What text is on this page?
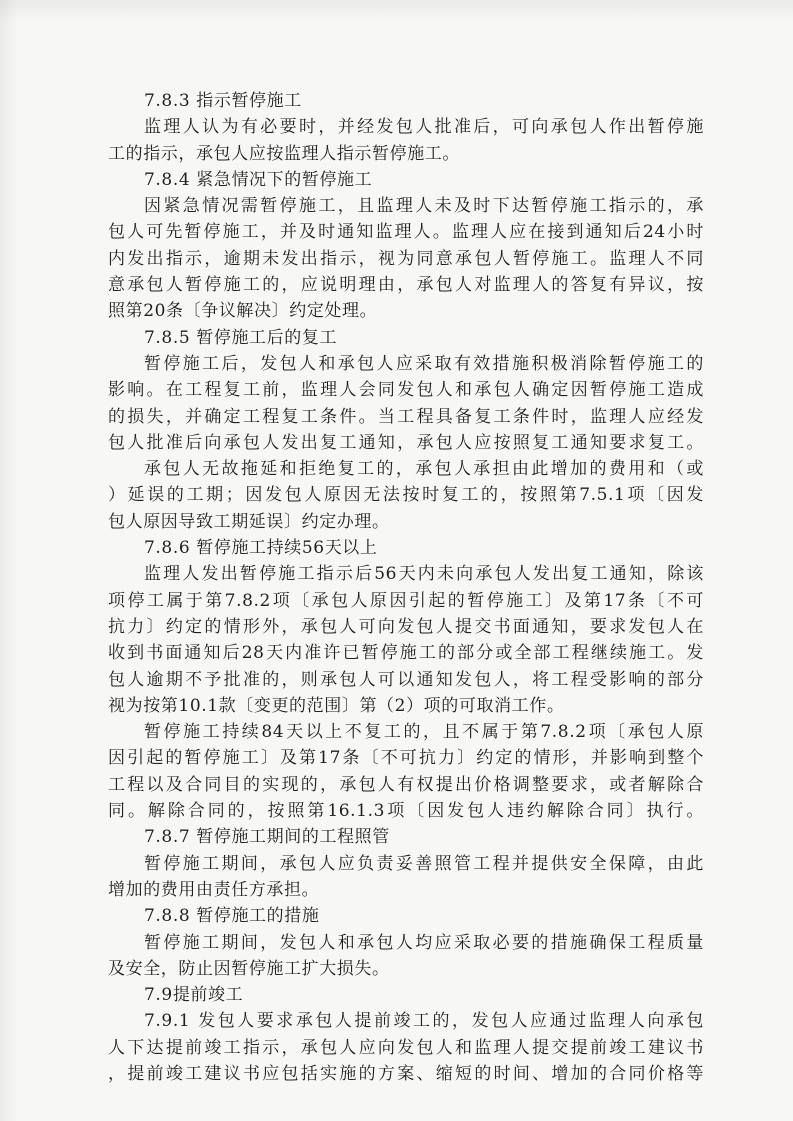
7.8.3 指示暂停施工
监理人认为有必要时，并经发包人批准后，可向承包人作出暂停施
工的指示，承包人应按监理人指示暂停施工。
7.8.4 紧急情况下的暂停施工
因紧急情况需暂停施工，且监理人未及时下达暂停施工指示的，承
包人可先暂停施工，并及时通知监理人。监理人应在接到通知后24小时
内发出指示，逾期未发出指示，视为同意承包人暂停施工。监理人不同
意承包人暂停施工的，应说明理由，承包人对监理人的答复有异议，按
照第20条〔争议解决〕约定处理。
7.8.5 暂停施工后的复工
暂停施工后，发包人和承包人应采取有效措施积极消除暂停施工的
影响。在工程复工前，监理人会同发包人和承包人确定因暂停施工造成
的损失，并确定工程复工条件。当工程具备复工条件时，监理人应经发
包人批准后向承包人发出复工通知，承包人应按照复工通知要求复工。
承包人无故拖延和拒绝复工的，承包人承担由此增加的费用和（或
）延误的工期；因发包人原因无法按时复工的，按照第7.5.1项〔因发
包人原因导致工期延误〕约定办理。
7.8.6 暂停施工持续56天以上
监理人发出暂停施工指示后56天内未向承包人发出复工通知，除该
项停工属于第7.8.2项〔承包人原因引起的暂停施工〕及第17条〔不可
抗力〕约定的情形外，承包人可向发包人提交书面通知，要求发包人在
收到书面通知后28天内准许已暂停施工的部分或全部工程继续施工。发
包人逾期不予批准的，则承包人可以通知发包人，将工程受影响的部分
视为按第10.1款〔变更的范围〕第（2）项的可取消工作。
暂停施工持续84天以上不复工的，且不属于第7.8.2项〔承包人原
因引起的暂停施工〕及第17条〔不可抗力〕约定的情形，并影响到整个
工程以及合同目的实现的，承包人有权提出价格调整要求，或者解除合
同。解除合同的，按照第16.1.3项〔因发包人违约解除合同〕执行。
7.8.7 暂停施工期间的工程照管
暂停施工期间，承包人应负责妥善照管工程并提供安全保障，由此
增加的费用由责任方承担。
7.8.8 暂停施工的措施
暂停施工期间，发包人和承包人均应采取必要的措施确保工程质量
及安全，防止因暂停施工扩大损失。
7.9提前竣工
7.9.1 发包人要求承包人提前竣工的，发包人应通过监理人向承包
人下达提前竣工指示，承包人应向发包人和监理人提交提前竣工建议书
，提前竣工建议书应包括实施的方案、缩短的时间、增加的合同价格等
